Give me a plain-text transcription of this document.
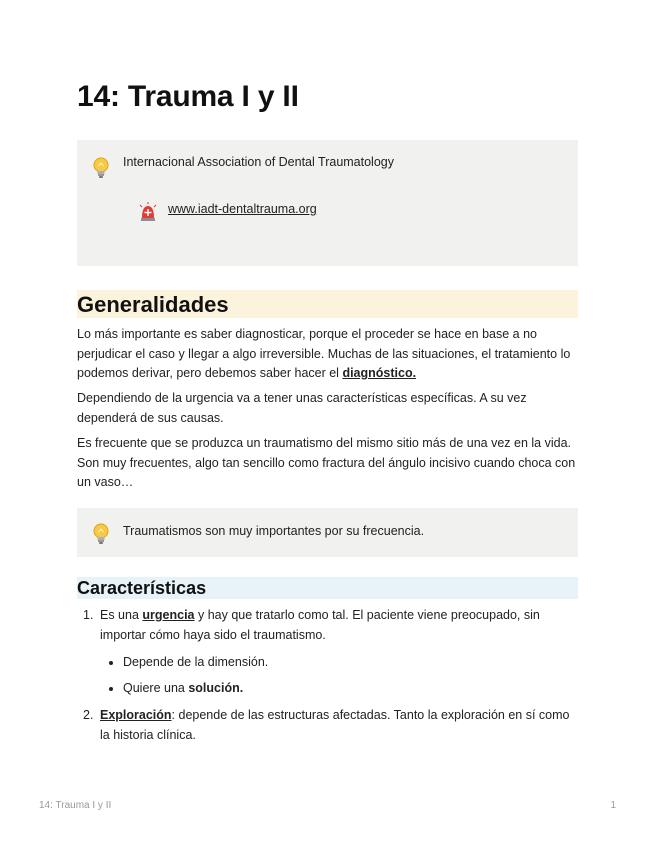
14: Trauma I y II
Internacional Association of Dental Traumatology
www.iadt-dentaltrauma.org
Generalidades

Lo más importante es saber diagnosticar, porque el proceder se hace en base a no perjudicar el caso y llegar a algo irreversible. Muchas de las situaciones, el tratamiento lo podemos derivar, pero debemos saber hacer el diagnóstico.

Dependiendo de la urgencia va a tener unas características específicas. A su vez dependerá de sus causas.

Es frecuente que se produzca un traumatismo del mismo sitio más de una vez en la vida. Son muy frecuentes, algo tan sencillo como fractura del ángulo incisivo cuando choca con un vaso…

Traumatismos son muy importantes por su frecuencia.
Características
1. Es una urgencia y hay que tratarlo como tal. El paciente viene preocupado, sin importar cómo haya sido el traumatismo.
Depende de la dimensión.
Quiere una solución.
2. Exploración: depende de las estructuras afectadas. Tanto la exploración en sí como la historia clínica.
14: Trauma I y II	1
